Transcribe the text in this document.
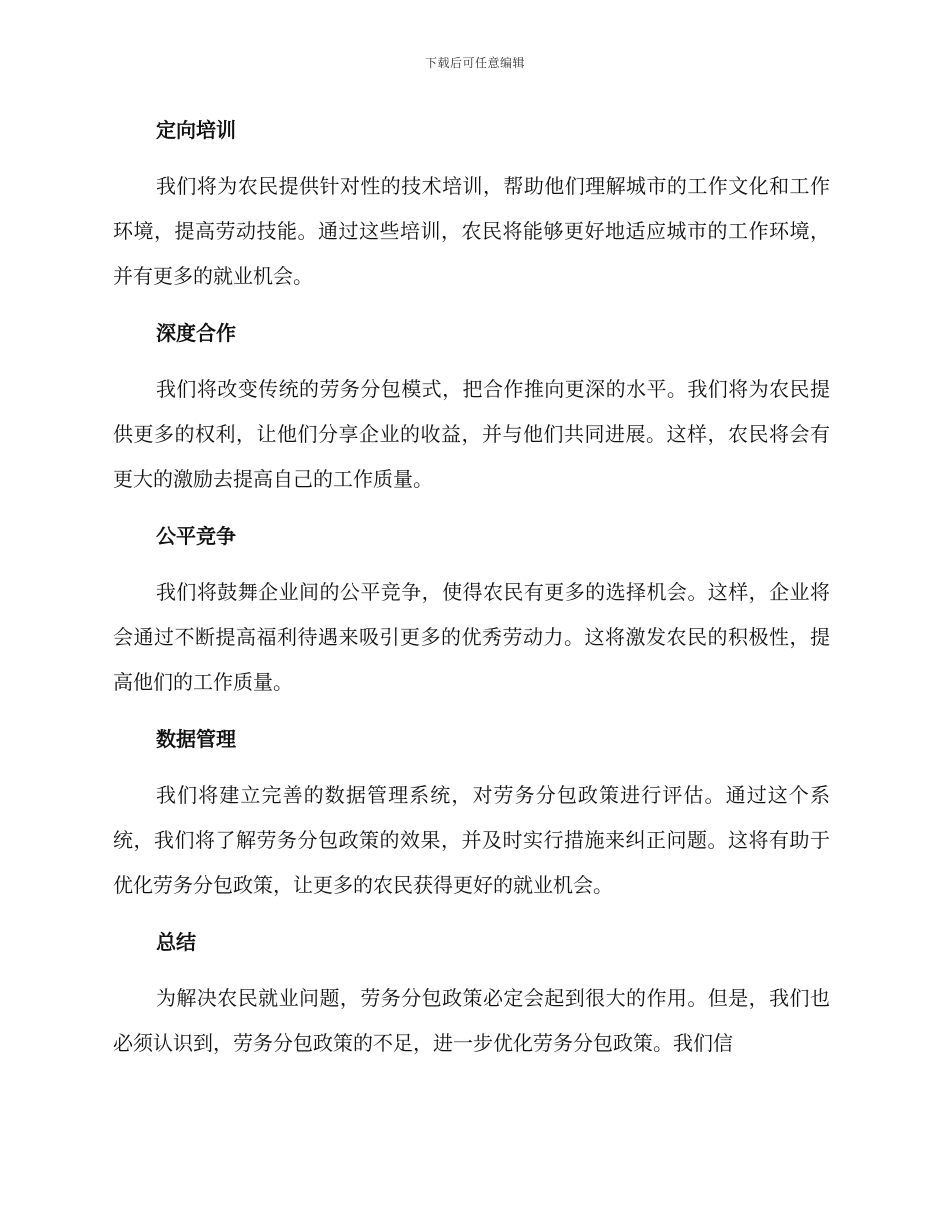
下载后可任意编辑
定向培训

我们将为农民提供针对性的技术培训，帮助他们理解城市的工作文化和工作环境，提高劳动技能。通过这些培训，农民将能够更好地适应城市的工作环境，并有更多的就业机会。

深度合作

我们将改变传统的劳务分包模式，把合作推向更深的水平。我们将为农民提供更多的权利，让他们分享企业的收益，并与他们共同进展。这样，农民将会有更大的激励去提高自己的工作质量。

公平竞争

我们将鼓舞企业间的公平竞争，使得农民有更多的选择机会。这样，企业将会通过不断提高福利待遇来吸引更多的优秀劳动力。这将激发农民的积极性，提高他们的工作质量。

数据管理

我们将建立完善的数据管理系统，对劳务分包政策进行评估。通过这个系统，我们将了解劳务分包政策的效果，并及时实行措施来纠正问题。这将有助于优化劳务分包政策，让更多的农民获得更好的就业机会。

总结

为解决农民就业问题，劳务分包政策必定会起到很大的作用。但是，我们也必须认识到，劳务分包政策的不足，进一步优化劳务分包政策。我们信
